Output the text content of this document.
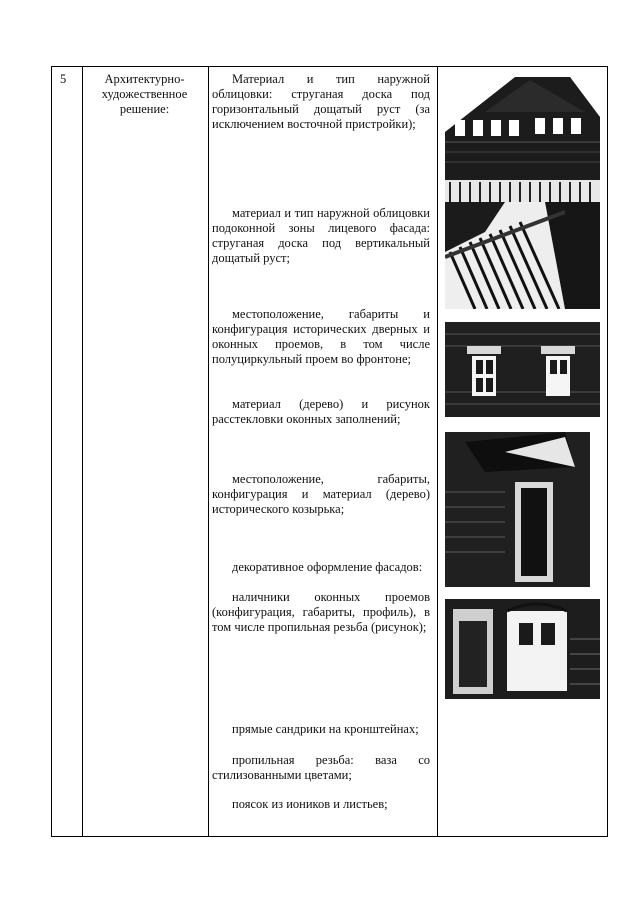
5	Архитектурно-художественное решение:
Материал и тип наружной облицовки: струганая доска под горизонтальный дощатый руст (за исключением восточной пристройки);
материал и тип наружной облицовки подоконной зоны лицевого фасада: струганая доска под вертикальный дощатый руст;
местоположение, габариты и конфигурация исторических дверных и оконных проемов, в том числе полуциркульный проем во фронтоне;
материал (дерево) и рисунок расстекловки оконных заполнений;
местоположение, габариты, конфигурация и материал (дерево) исторического козырька;
декоративное оформление фасадов:
наличники оконных проемов (конфигурация, габариты, профиль), в том числе пропильная резьба (рисунок);
прямые сандрики на кронштейнах;
пропильная резьба: ваза со стилизованными цветами;
поясок из иоников и листьев;
